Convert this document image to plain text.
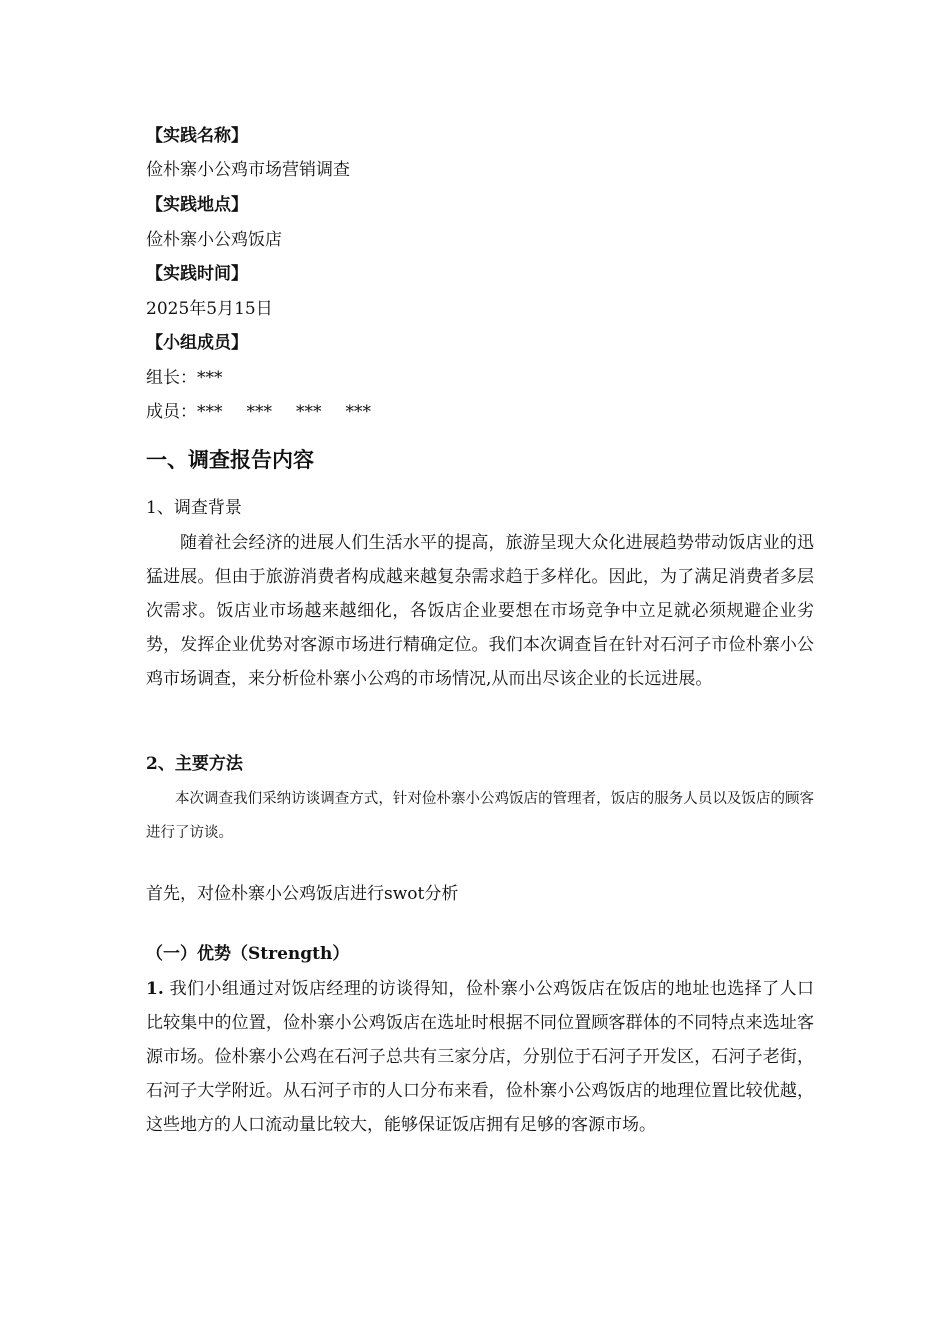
【实践名称】
俭朴寨小公鸡市场营销调查
【实践地点】
俭朴寨小公鸡饭店
【实践时间】
2025年5月15日
【小组成员】
组长：***
成员：*** *** *** ***
一、调查报告内容
1、调查背景
随着社会经济的进展人们生活水平的提高，旅游呈现大众化进展趋势带动饭店业的迅猛进展。但由于旅游消费者构成越来越复杂需求趋于多样化。因此，为了满足消费者多层次需求。饭店业市场越来越细化，各饭店企业要想在市场竞争中立足就必须规避企业劣势，发挥企业优势对客源市场进行精确定位。我们本次调查旨在针对石河子市俭朴寨小公鸡市场调查，来分析俭朴寨小公鸡的市场情况,从而出尽该企业的长远进展。
2、主要方法
本次调查我们采纳访谈调查方式，针对俭朴寨小公鸡饭店的管理者，饭店的服务人员以及饭店的顾客进行了访谈。
首先，对俭朴寨小公鸡饭店进行swot分析
（一）优势（Strength）
1. 我们小组通过对饭店经理的访谈得知，俭朴寨小公鸡饭店在饭店的地址也选择了人口比较集中的位置，俭朴寨小公鸡饭店在选址时根据不同位置顾客群体的不同特点来选址客源市场。俭朴寨小公鸡在石河子总共有三家分店，分别位于石河子开发区，石河子老街，石河子大学附近。从石河子市的人口分布来看，俭朴寨小公鸡饭店的地理位置比较优越，这些地方的人口流动量比较大，能够保证饭店拥有足够的客源市场。
